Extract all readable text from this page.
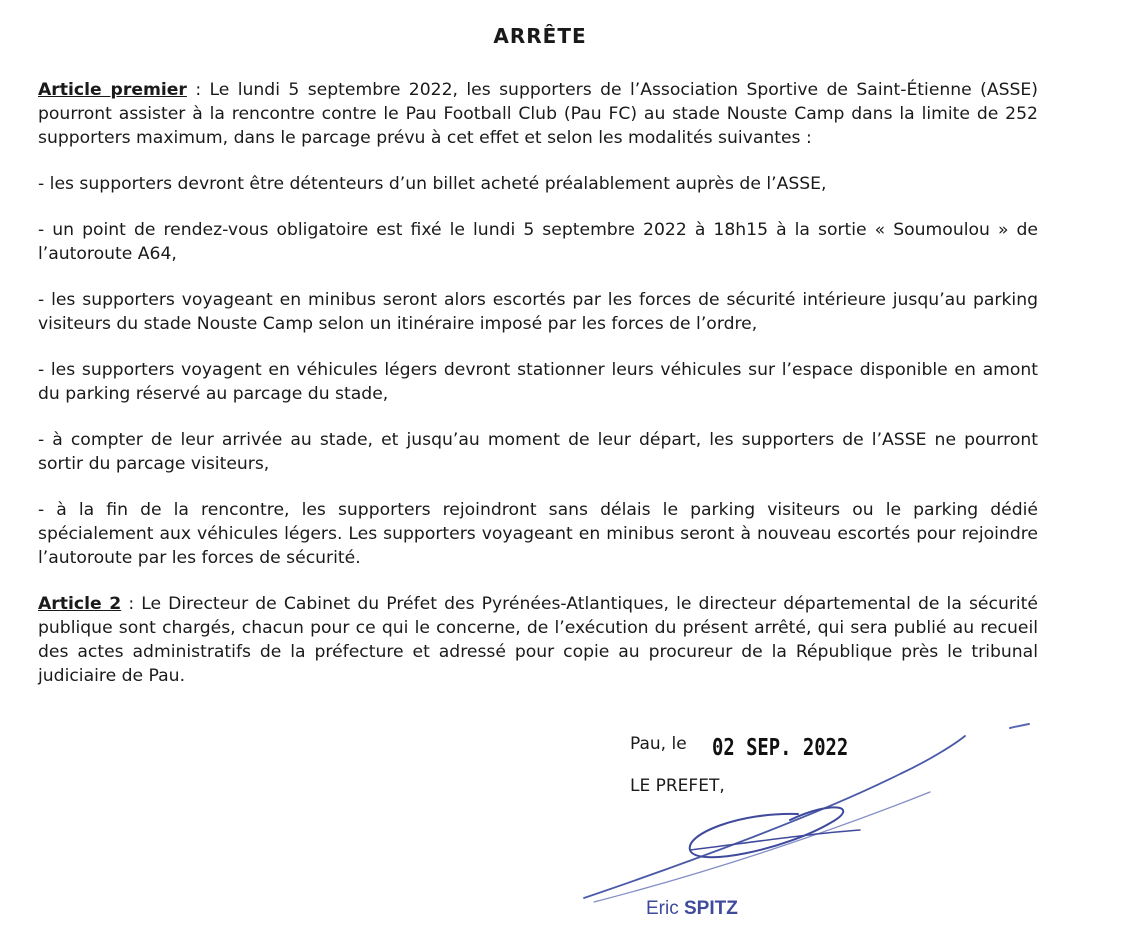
ARRÊTE

Article premier : Le lundi 5 septembre 2022, les supporters de l’Association Sportive de Saint-Étienne (ASSE) pourront assister à la rencontre contre le Pau Football Club (Pau FC) au stade Nouste Camp dans la limite de 252 supporters maximum, dans le parcage prévu à cet effet et selon les modalités suivantes :

- les supporters devront être détenteurs d’un billet acheté préalablement auprès de l’ASSE,

- un point de rendez-vous obligatoire est fixé le lundi 5 septembre 2022 à 18h15 à la sortie « Soumoulou » de l’autoroute A64,

- les supporters voyageant en minibus seront alors escortés par les forces de sécurité intérieure jusqu’au parking visiteurs du stade Nouste Camp selon un itinéraire imposé par les forces de l’ordre,

- les supporters voyagent en véhicules légers devront stationner leurs véhicules sur l’espace disponible en amont du parking réservé au parcage du stade,

- à compter de leur arrivée au stade, et jusqu’au moment de leur départ, les supporters de l’ASSE ne pourront sortir du parcage visiteurs,

- à la fin de la rencontre, les supporters rejoindront sans délais le parking visiteurs ou le parking dédié spécialement aux véhicules légers. Les supporters voyageant en minibus seront à nouveau escortés pour rejoindre l’autoroute par les forces de sécurité.

Article 2 : Le Directeur de Cabinet du Préfet des Pyrénées-Atlantiques, le directeur départemental de la sécurité publique sont chargés, chacun pour ce qui le concerne, de l’exécution du présent arrêté, qui sera publié au recueil des actes administratifs de la préfecture et adressé pour copie au procureur de la République près le tribunal judiciaire de Pau.

Pau, le 02 SEP. 2022
LE PREFET,
Eric SPITZ
